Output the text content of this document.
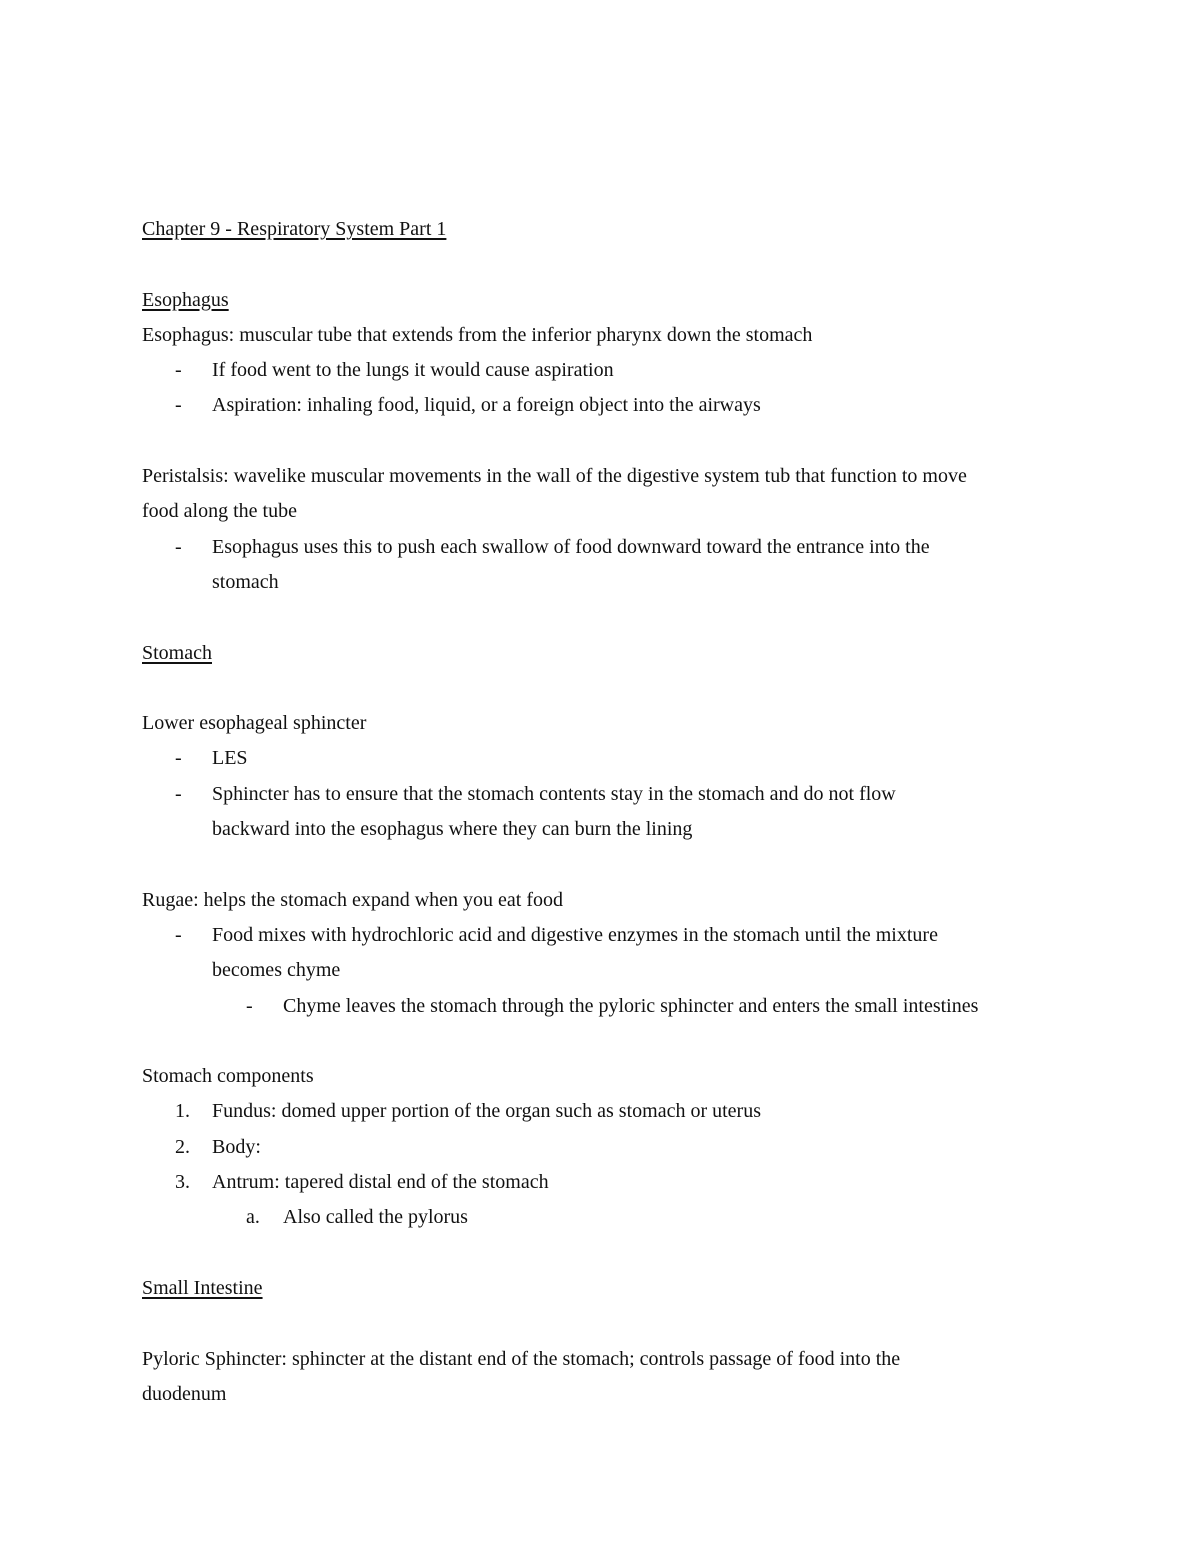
Chapter 9 - Respiratory System Part 1
Esophagus
Esophagus: muscular tube that extends from the inferior pharynx down the stomach
-	If food went to the lungs it would cause aspiration
-	Aspiration: inhaling food, liquid, or a foreign object into the airways
Peristalsis: wavelike muscular movements in the wall of the digestive system tub that function to move
food along the tube
-	Esophagus uses this to push each swallow of food downward toward the entrance into the
stomach
Stomach
Lower esophageal sphincter
-	LES
-	Sphincter has to ensure that the stomach contents stay in the stomach and do not flow
backward into the esophagus where they can burn the lining
Rugae: helps the stomach expand when you eat food
-	Food mixes with hydrochloric acid and digestive enzymes in the stomach until the mixture
becomes chyme
-	Chyme leaves the stomach through the pyloric sphincter and enters the small intestines
Stomach components
1.	Fundus: domed upper portion of the organ such as stomach or uterus
2.	Body:
3.	Antrum: tapered distal end of the stomach
a.	Also called the pylorus
Small Intestine
Pyloric Sphincter: sphincter at the distant end of the stomach; controls passage of food into the
duodenum
